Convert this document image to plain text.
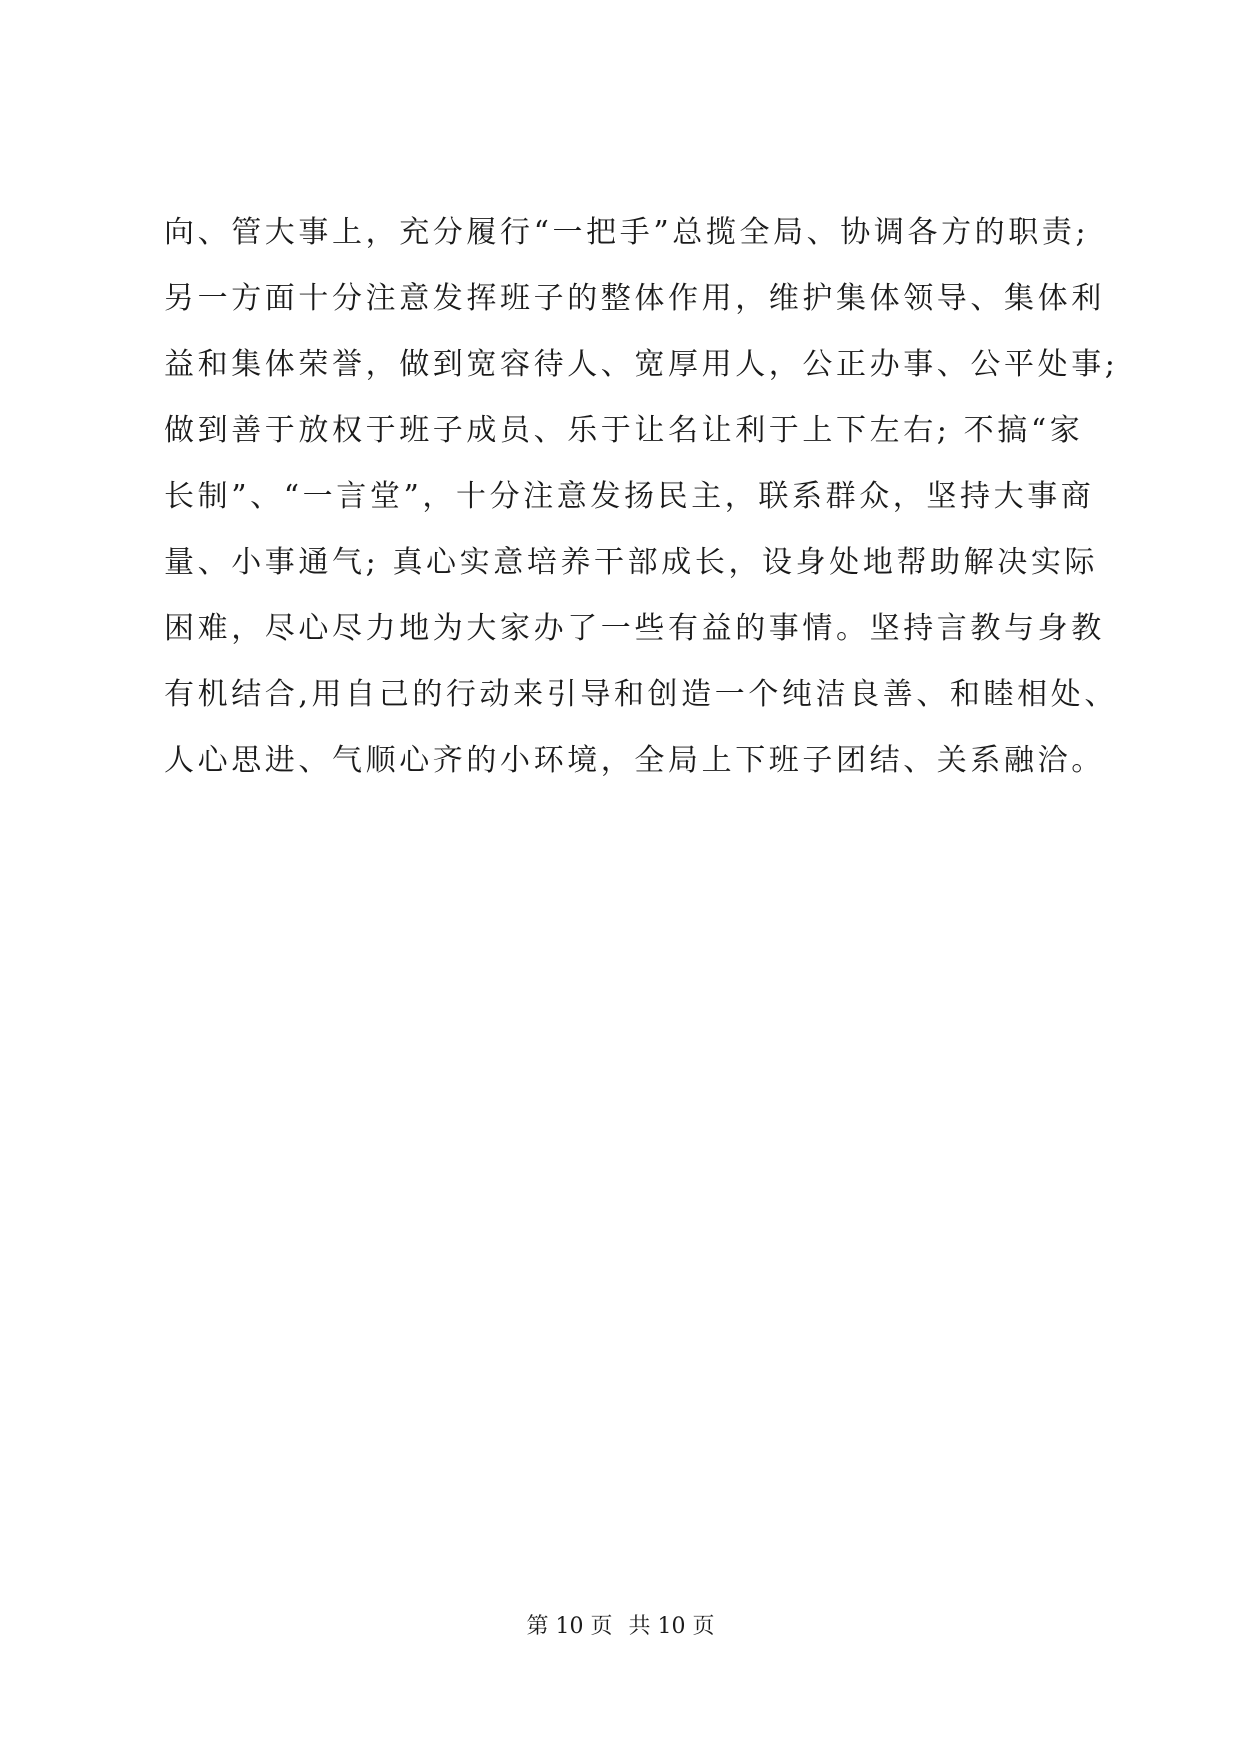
向、管大事上，充分履行“一把手”总揽全局、协调各方的职责;
另一方面十分注意发挥班子的整体作用，维护集体领导、集体利
益和集体荣誉，做到宽容待人、宽厚用人，公正办事、公平处事;
做到善于放权于班子成员、乐于让名让利于上下左右; 不搞“家
长制”、“一言堂”，十分注意发扬民主，联系群众，坚持大事商
量、小事通气; 真心实意培养干部成长，设身处地帮助解决实际
困难，尽心尽力地为大家办了一些有益的事情。坚持言教与身教
有机结合,用自己的行动来引导和创造一个纯洁良善、和睦相处、
人心思进、气顺心齐的小环境，全局上下班子团结、关系融洽。
第 10 页 共 10 页
